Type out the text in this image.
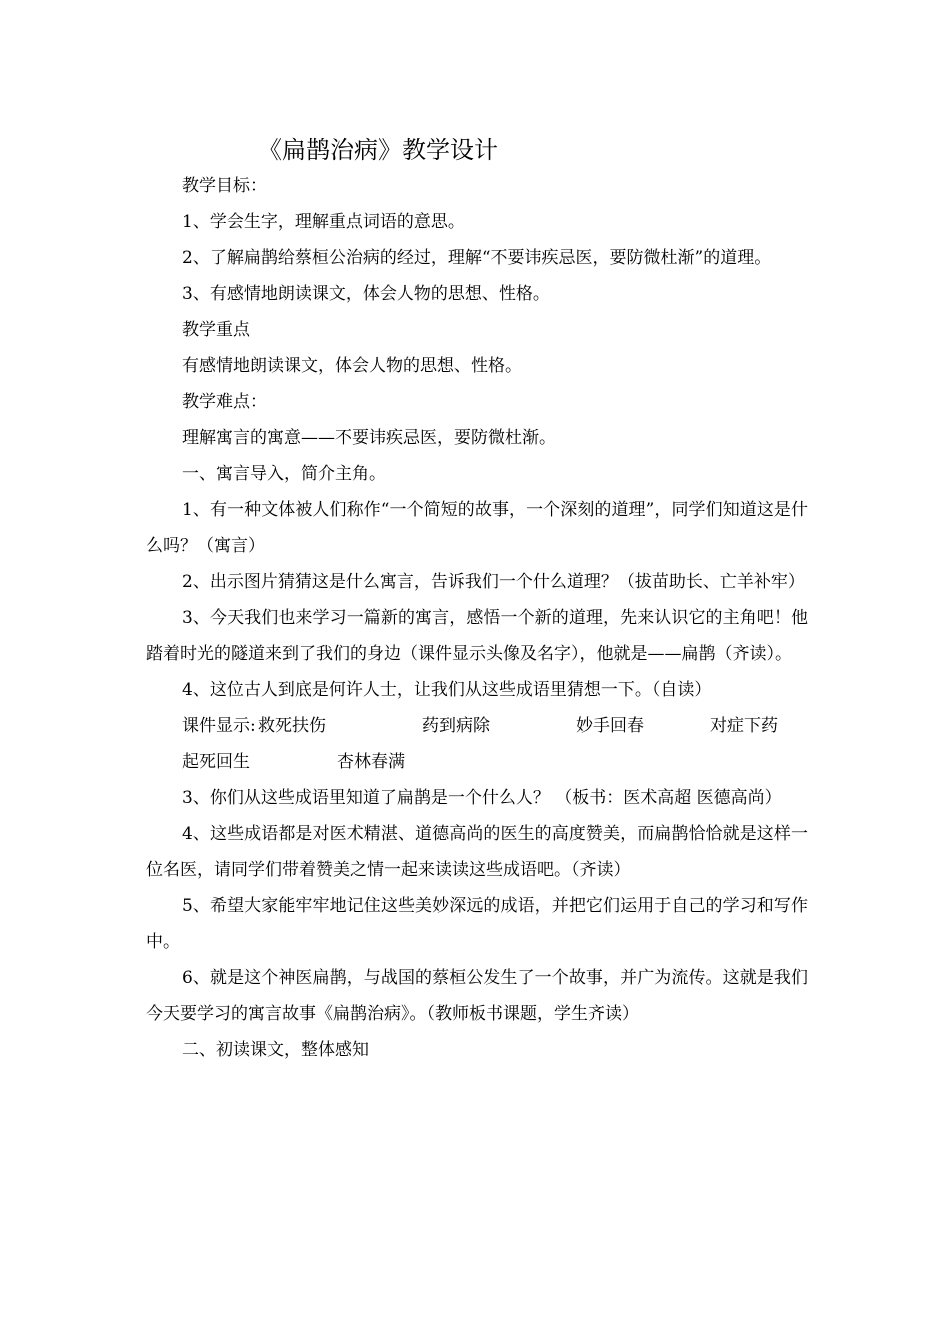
《扁鹊治病》教学设计

教学目标：

1、学会生字，理解重点词语的意思。

2、了解扁鹊给蔡桓公治病的经过，理解“不要讳疾忌医，要防微杜渐”的道理。

3、有感情地朗读课文，体会人物的思想、性格。

教学重点

有感情地朗读课文，体会人物的思想、性格。

教学难点：

理解寓言的寓意——不要讳疾忌医，要防微杜渐。

一、寓言导入，简介主角。

1、有一种文体被人们称作“一个简短的故事，一个深刻的道理”，同学们知道这是什么吗？（寓言）

2、出示图片猜猜这是什么寓言，告诉我们一个什么道理？（拔苗助长、亡羊补牢）

3、今天我们也来学习一篇新的寓言，感悟一个新的道理，先来认识它的主角吧！他踏着时光的隧道来到了我们的身边（课件显示头像及名字），他就是——扁鹊（齐读）。

4、这位古人到底是何许人士，让我们从这些成语里猜想一下。（自读）

课件显示: 救死扶伤	药到病除	妙手回春	对症下药
起死回生	杏林春满

3、你们从这些成语里知道了扁鹊是一个什么人？ （板书：医术高超 医德高尚）

4、这些成语都是对医术精湛、道德高尚的医生的高度赞美，而扁鹊恰恰就是这样一位名医，请同学们带着赞美之情一起来读读这些成语吧。（齐读）

5、希望大家能牢牢地记住这些美妙深远的成语，并把它们运用于自己的学习和写作中。

6、就是这个神医扁鹊，与战国的蔡桓公发生了一个故事，并广为流传。这就是我们今天要学习的寓言故事《扁鹊治病》。（教师板书课题，学生齐读）

二、初读课文，整体感知
